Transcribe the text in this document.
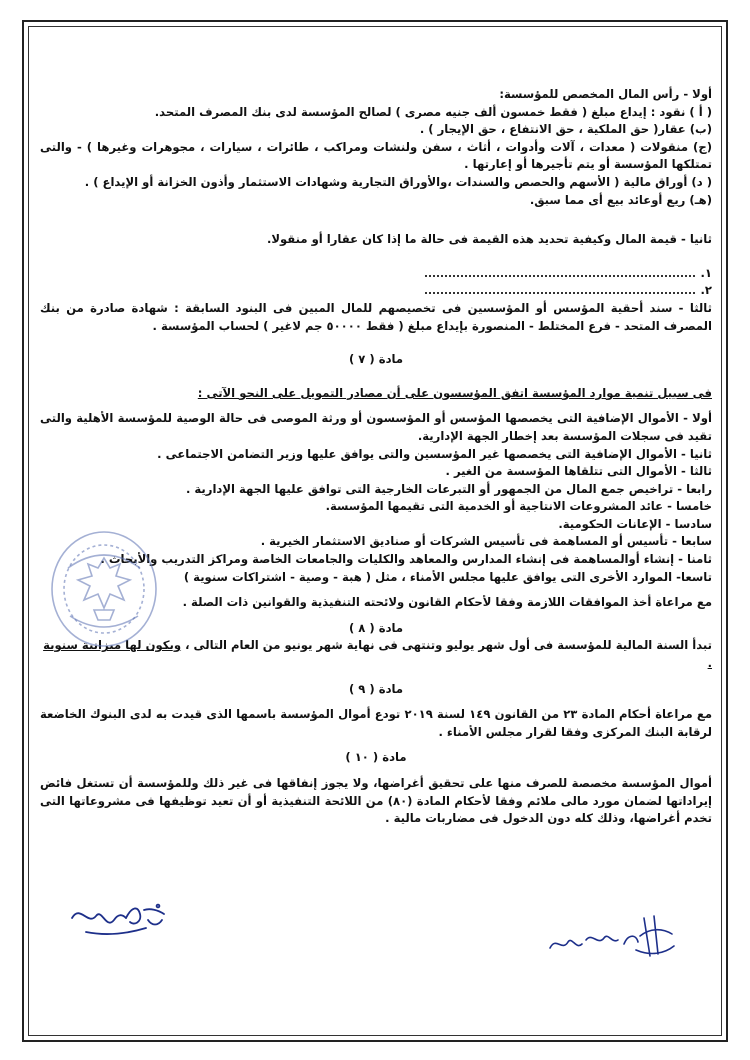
أولا - رأس المال المخصص للمؤسسة:

( أ ) نقود : إيداع مبلغ ( فقط خمسون ألف جنيه مصرى ) لصالح المؤسسة لدى بنك المصرف المتحد.

(ب) عقار( حق الملكية ، حق الانتفاع ، حق الإيجار ) .

(ج) منقولات ( معدات ، آلات وأدوات ، أثاث ، سفن ولنشات ومراكب ، طائرات ، سيارات ، مجوهرات وغيرها ) - والتى تمتلكها المؤسسة أو يتم تأجيرها أو إعارتها .

( د) أوراق مالية ( الأسهم والحصص والسندات ،والأوراق التجارية وشهادات الاستثمار وأذون الخزانة أو الإيداع ) .

(هـ) ريع أوعائد بيع أى مما سبق.

ثانيا - قيمة المال وكيفية تحديد هذه القيمة فى حالة ما إذا كان عقارا أو منقولا.

١.
٢.

ثالثا - سند أحقية المؤسس أو المؤسسين فى تخصيصهم للمال المبين فى البنود السابقة : شهادة صادرة من بنك المصرف المتحد - فرع المختلط - المنصورة بإيداع مبلغ ( فقط ٥٠٠٠٠ جم لاغير ) لحساب المؤسسة .

مادة ( ٧ )

فى سبيل تنمية موارد المؤسسة اتفق المؤسسون على أن مصادر التمويل على النحو الآتى :

أولا - الأموال الإضافية التى يخصصها المؤسس أو المؤسسون أو ورثة الموصى فى حالة الوصية للمؤسسة الأهلية والتى تقيد فى سجلات المؤسسة بعد إخطار الجهة الإدارية.

ثانيا - الأموال الإضافية التى يخصصها غير المؤسسين والتى يوافق عليها وزير التضامن الاجتماعى .

ثالثا - الأموال التى تتلقاها المؤسسة من الغير .

رابعا - تراخيص جمع المال من الجمهور أو التبرعات الخارجية التى توافق عليها الجهة الإدارية .

خامسا - عائد المشروعات الانتاجية أو الخدمية التى تقيمها المؤسسة.

سادسا - الإعانات الحكومية.

سابعا - تأسيس أو المساهمة فى تأسيس الشركات أو صناديق الاستثمار الخيرية .

ثامنا - إنشاء أوالمساهمة فى إنشاء المدارس والمعاهد والكليات والجامعات الخاصة ومراكز التدريب والأبحاث .

تاسعا- الموارد الأخرى التى يوافق عليها مجلس الأمناء ، مثل ( هبة - وصية - اشتراكات سنوية )

مع مراعاة أخذ الموافقات اللازمة وفقا لأحكام القانون ولائحته التنفيذية والقوانين ذات الصلة .

مادة ( ٨ )

تبدأ السنة المالية للمؤسسة فى أول شهر يوليو وتنتهى فى نهاية شهر يونيو من العام التالى ، ويكون لها ميزانية سنوية .

مادة ( ٩ )

مع مراعاة أحكام المادة ٢٣ من القانون ١٤٩ لسنة ٢٠١٩ تودع أموال المؤسسة باسمها الذى قيدت به لدى البنوك الخاضعة لرقابة البنك المركزى وفقا لقرار مجلس الأمناء .

مادة ( ١٠ )

أموال المؤسسة مخصصة للصرف منها على تحقيق أغراضها، ولا يجوز إنفاقها فى غير ذلك وللمؤسسة أن تستغل فائض إيراداتها لضمان مورد مالى ملائم وفقا لأحكام المادة (٨٠) من اللائحة التنفيذية أو أن تعيد توظيفها فى مشروعاتها التى تخدم أغراضها، وذلك كله دون الدخول فى مضاربات مالية .
